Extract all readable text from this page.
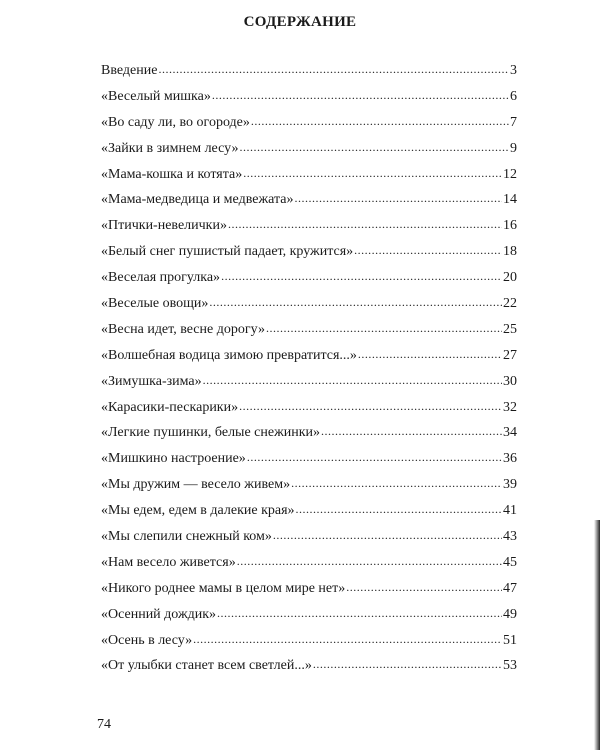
СОДЕРЖАНИЕ
Введение .....	3
«Веселый мишка» .....	6
«Во саду ли, во огороде» .....	7
«Зайки в зимнем лесу» .....	9
«Мама-кошка и котята» .....	12
«Мама-медведица и медвежата» .....	14
«Птички-невелички» .....	16
«Белый снег пушистый падает, кружится» .....	18
«Веселая прогулка» .....	20
«Веселые овощи» .....	22
«Весна идет, весне дорогу» .....	25
«Волшебная водица зимою превратится...» .....	27
«Зимушка-зима» .....	30
«Карасики-пескарики» .....	32
«Легкие пушинки, белые снежинки» .....	34
«Мишкино настроение» .....	36
«Мы дружим — весело живем» .....	39
«Мы едем, едем в далекие края» .....	41
«Мы слепили снежный ком» .....	43
«Нам весело живется» .....	45
«Никого роднее мамы в целом мире нет» .....	47
«Осенний дождик» .....	49
«Осень в лесу» .....	51
«От улыбки станет всем светлей...» .....	53
74
